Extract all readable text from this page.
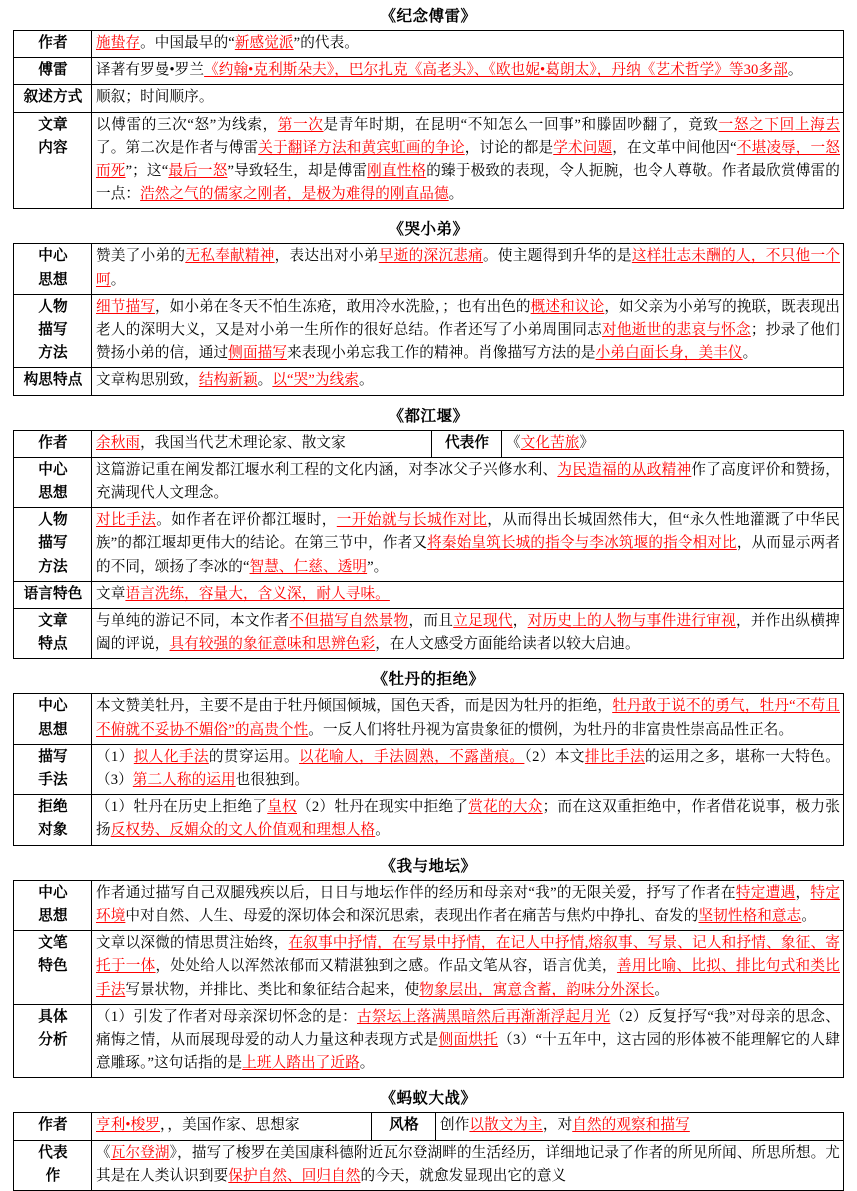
《纪念傅雷》
作者	施蛰存。中国最早的“新感觉派”的代表。
傅雷	译著有罗曼•罗兰《约翰•克利斯朵夫》，巴尔扎克《高老头》、《欧也妮•葛朗太》，丹纳《艺术哲学》等30多部。
叙述方式	顺叙；时间顺序。
文章
内容	以傅雷的三次“怒”为线索，第一次是青年时期，在昆明“不知怎么一回事”和滕固吵翻了，竟致一怒之下回上海去了。第二次是作者与傅雷关于翻译方法和黄宾虹画的争论，讨论的都是学术问题，在文革中间他因“不堪凌辱，一怒而死”；这“最后一怒”导致轻生，却是傅雷刚直性格的臻于极致的表现，令人扼腕，也令人尊敬。作者最欣赏傅雷的一点：浩然之气的儒家之刚者，是极为难得的刚直品德。
《哭小弟》
中心
思想	赞美了小弟的无私奉献精神，表达出对小弟早逝的深沉悲痛。使主题得到升华的是这样壮志未酬的人，不只他一个呵。
人物
描写
方法	细节描写，如小弟在冬天不怕生冻疮，敢用冷水洗脸，；也有出色的概述和议论，如父亲为小弟写的挽联，既表现出老人的深明大义，又是对小弟一生所作的很好总结。作者还写了小弟周围同志对他逝世的悲哀与怀念；抄录了他们赞扬小弟的信，通过侧面描写来表现小弟忘我工作的精神。肖像描写方法的是小弟白面长身，美丰仪。
构思特点	文章构思别致，结构新颖。以“哭”为线索。
《都江堰》
作者	余秋雨，我国当代艺术理论家、散文家	代表作	《文化苦旅》
中心
思想	这篇游记重在阐发都江堰水利工程的文化内涵，对李冰父子兴修水利、为民造福的从政精神作了高度评价和赞扬，充满现代人文理念。		
人物
描写
方法	对比手法。如作者在评价都江堰时，一开始就与长城作对比，从而得出长城固然伟大，但“永久性地灌溉了中华民族”的都江堰却更伟大的结论。在第三节中，作者又将秦始皇筑长城的指令与李冰筑堰的指令相对比，从而显示两者的不同，颂扬了李冰的“智慧、仁慈、透明”。		
语言特色	文章语言洗练，容量大，含义深，耐人寻味。		
文章
特点	与单纯的游记不同，本文作者不但描写自然景物，而且立足现代，对历史上的人物与事件进行审视，并作出纵横捭阖的评说，具有较强的象征意味和思辨色彩，在人文感受方面能给读者以较大启迪。		
《牡丹的拒绝》
中心
思想	本文赞美牡丹，主要不是由于牡丹倾国倾城，国色天香，而是因为牡丹的拒绝，牡丹敢于说不的勇气，牡丹“不苟且不俯就不妥协不媚俗”的高贵个性。一反人们将牡丹视为富贵象征的惯例，为牡丹的非富贵性崇高品性正名。
描写
手法	（1）拟人化手法的贯穿运用。以花喻人，手法圆熟，不露凿痕。（2）本文排比手法的运用之多，堪称一大特色。（3）第二人称的运用也很独到。
拒绝
对象	（1）牡丹在历史上拒绝了皇权（2）牡丹在现实中拒绝了赏花的大众；而在这双重拒绝中，作者借花说事，极力张扬反权势、反媚众的文人价值观和理想人格。
《我与地坛》
中心
思想	作者通过描写自己双腿残疾以后，日日与地坛作伴的经历和母亲对“我”的无限关爱，抒写了作者在特定遭遇，特定环境中对自然、人生、母爱的深切体会和深沉思索，表现出作者在痛苦与焦灼中挣扎、奋发的坚韧性格和意志。
文笔
特色	文章以深微的情思贯注始终，在叙事中抒情，在写景中抒情，在记人中抒情,熔叙事、写景、记人和抒情、象征、寄托于一体，处处给人以浑然浓郁而又精湛独到之感。作品文笔从容，语言优美，善用比喻、比拟、排比句式和类比手法写景状物，并排比、类比和象征结合起来，使物象层出，寓意含蓄，韵味分外深长。
具体
分析	（1）引发了作者对母亲深切怀念的是：古祭坛上落满黑暗然后再渐渐浮起月光（2）反复抒写“我”对母亲的思念、痛悔之情，从而展现母爱的动人力量这种表现方式是侧面烘托（3）“十五年中，这古园的形体被不能理解它的人肆意雕琢。”这句话指的是上班人踏出了近路。
《蚂蚁大战》
作者	亨利•梭罗，，美国作家、思想家	风格	创作以散文为主，对自然的观察和描写
代表
作	《瓦尔登湖》，描写了梭罗在美国康科德附近瓦尔登湖畔的生活经历，详细地记录了作者的所见所闻、所思所想。尤其是在人类认识到要保护自然、回归自然的今天，就愈发显现出它的意义		
